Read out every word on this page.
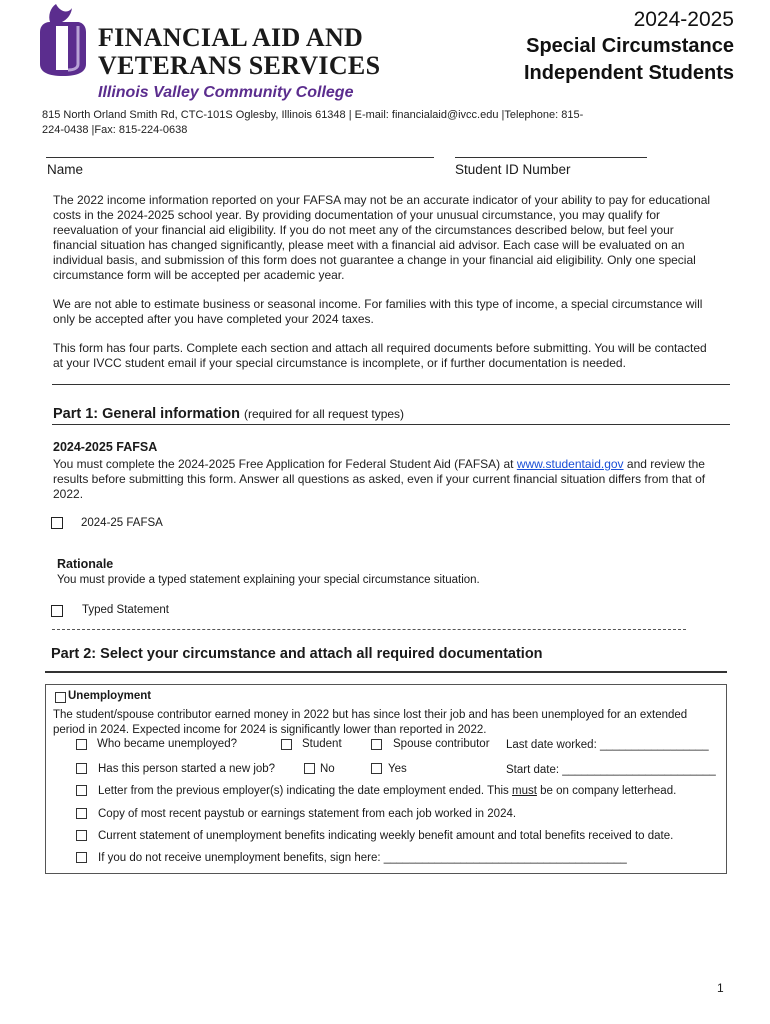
FINANCIAL AID AND
VETERANS SERVICES
Illinois Valley Community College
2024-2025
Special Circumstance
Independent Students
815 North Orland Smith Rd, CTC-101S Oglesby, Illinois 61348 | E-mail: financialaid@ivcc.edu |Telephone: 815-224-0438 |Fax: 815-224-0638
Name	Student ID Number
The 2022 income information reported on your FAFSA may not be an accurate indicator of your ability to pay for educational costs in the 2024-2025 school year. By providing documentation of your unusual circumstance, you may qualify for reevaluation of your financial aid eligibility. If you do not meet any of the circumstances described below, but feel your financial situation has changed significantly, please meet with a financial aid advisor. Each case will be evaluated on an individual basis, and submission of this form does not guarantee a change in your financial aid eligibility. Only one special circumstance form will be accepted per academic year.
We are not able to estimate business or seasonal income. For families with this type of income, a special circumstance will only be accepted after you have completed your 2024 taxes.
This form has four parts. Complete each section and attach all required documents before submitting. You will be contacted at your IVCC student email if your special circumstance is incomplete, or if further documentation is needed.
Part 1: General information (required for all request types)
2024-2025 FAFSA
You must complete the 2024-2025 Free Application for Federal Student Aid (FAFSA) at www.studentaid.gov and review the results before submitting this form. Answer all questions as asked, even if your current financial situation differs from that of 2022.
2024-25 FAFSA
Rationale
You must provide a typed statement explaining your special circumstance situation.
Typed Statement
Part 2: Select your circumstance and attach all required documentation
Unemployment
The student/spouse contributor earned money in 2022 but has since lost their job and has been unemployed for an extended period in 2024. Expected income for 2024 is significantly lower than reported in 2022.
Who became unemployed?	Student	Spouse contributor Last date worked: _________________
Has this person started a new job?	No	Yes	Start date: ________________________
Letter from the previous employer(s) indicating the date employment ended. This must be on company letterhead.
Copy of most recent paystub or earnings statement from each job worked in 2024.
Current statement of unemployment benefits indicating weekly benefit amount and total benefits received to date.
If you do not receive unemployment benefits, sign here: ______________________________________
1
